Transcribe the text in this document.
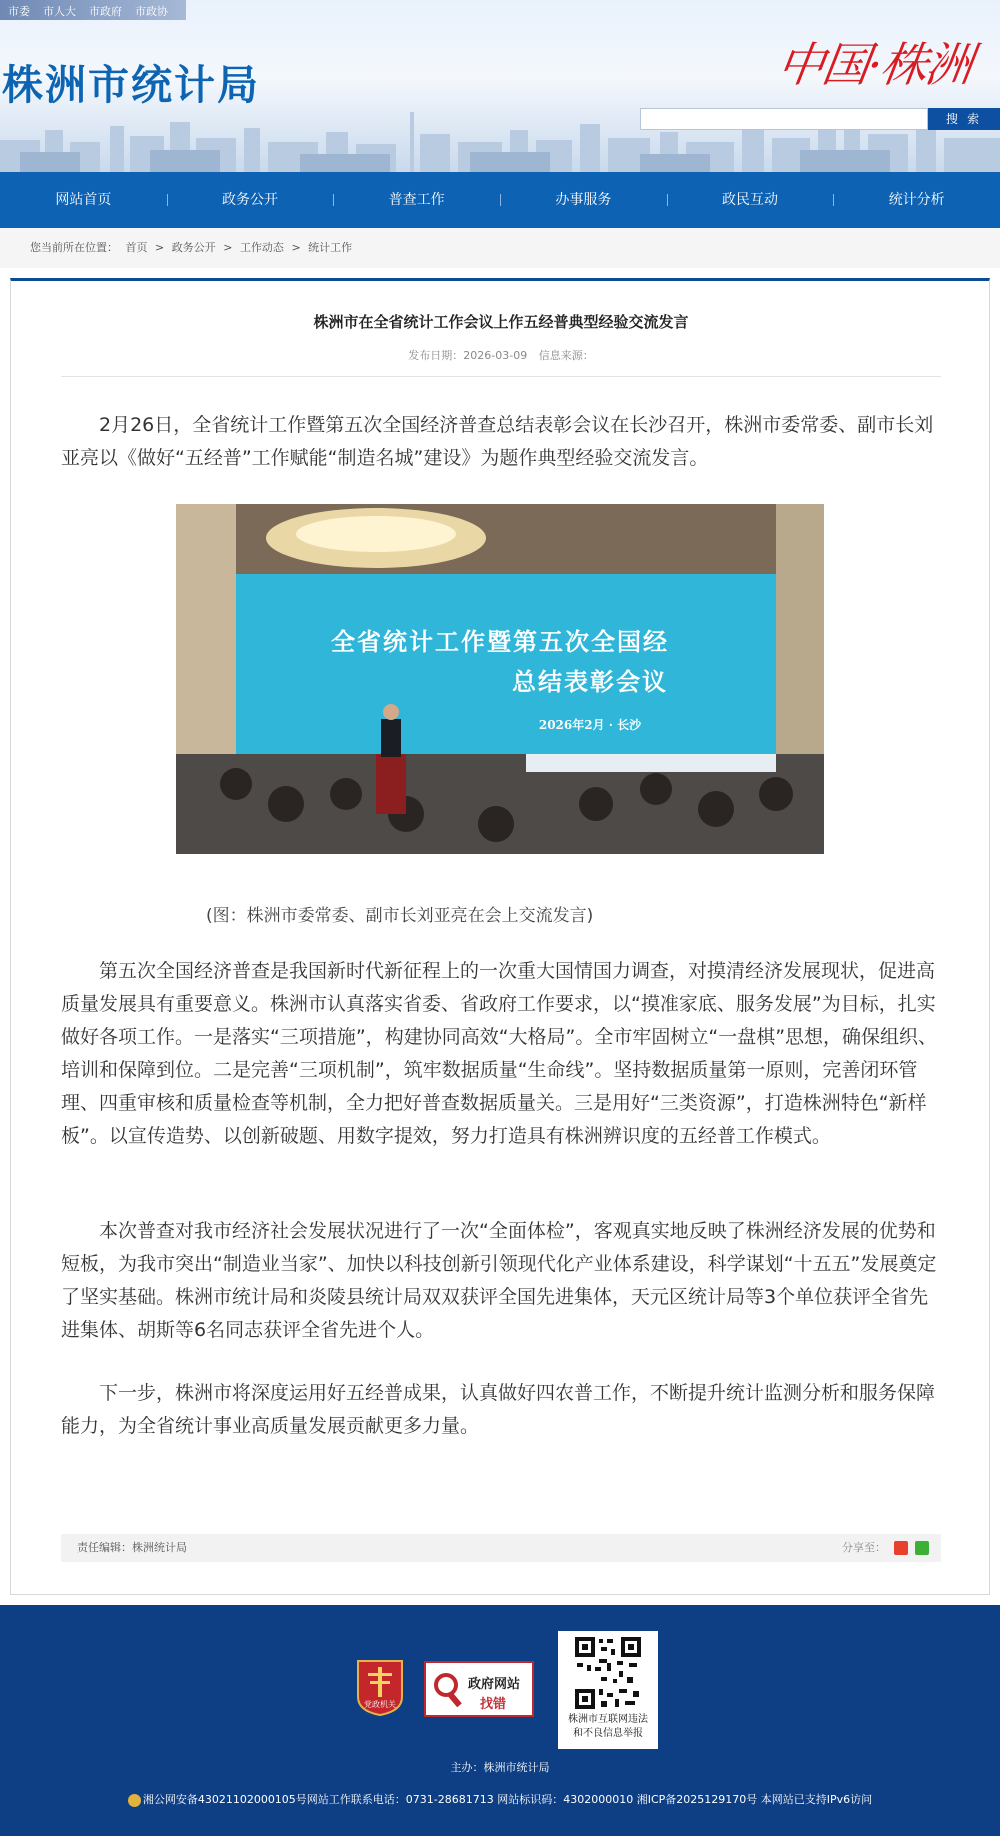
市委 市人大 市政府 市政协
株洲市统计局	中国·株洲
搜 索
网站首页	政务公开	普查工作	办事服务	政民互动	统计分析
您当前所在位置： 首页 > 政务公开 > 工作动态 > 统计工作
株洲市在全省统计工作会议上作五经普典型经验交流发言
发布日期：2026-03-09 信息来源：

2月26日，全省统计工作暨第五次全国经济普查总结表彰会议在长沙召开，株洲市委常委、副市长刘亚亮以《做好“五经普”工作赋能“制造名城”建设》为题作典型经验交流发言。

全省统计工作暨第五次全国经
总结表彰会议
2026年2月 · 长沙
(图：株洲市委常委、副市长刘亚亮在会上交流发言)

第五次全国经济普查是我国新时代新征程上的一次重大国情国力调查，对摸清经济发展现状，促进高质量发展具有重要意义。株洲市认真落实省委、省政府工作要求，以“摸准家底、服务发展”为目标，扎实做好各项工作。一是落实“三项措施”，构建协同高效“大格局”。全市牢固树立“一盘棋”思想，确保组织、培训和保障到位。二是完善“三项机制”，筑牢数据质量“生命线”。坚持数据质量第一原则，完善闭环管理、四重审核和质量检查等机制，全力把好普查数据质量关。三是用好“三类资源”，打造株洲特色“新样板”。以宣传造势、以创新破题、用数字提效，努力打造具有株洲辨识度的五经普工作模式。

本次普查对我市经济社会发展状况进行了一次“全面体检”，客观真实地反映了株洲经济发展的优势和短板，为我市突出“制造业当家”、加快以科技创新引领现代化产业体系建设，科学谋划“十五五”发展奠定了坚实基础。株洲市统计局和炎陵县统计局双双获评全国先进集体，天元区统计局等3个单位获评全省先进集体、胡斯等6名同志获评全省先进个人。

下一步，株洲市将深度运用好五经普成果，认真做好四农普工作，不断提升统计监测分析和服务保障能力，为全省统计事业高质量发展贡献更多力量。

责任编辑：株洲统计局	分享至：
党政机关
政府网站
找错
株洲市互联网违法
和不良信息举报
主办：株洲市统计局
湘公网安备43021102000105号网站工作联系电话：0731-28681713 网站标识码：4302000010 湘ICP备2025129170号 本网站已支持IPv6访问
